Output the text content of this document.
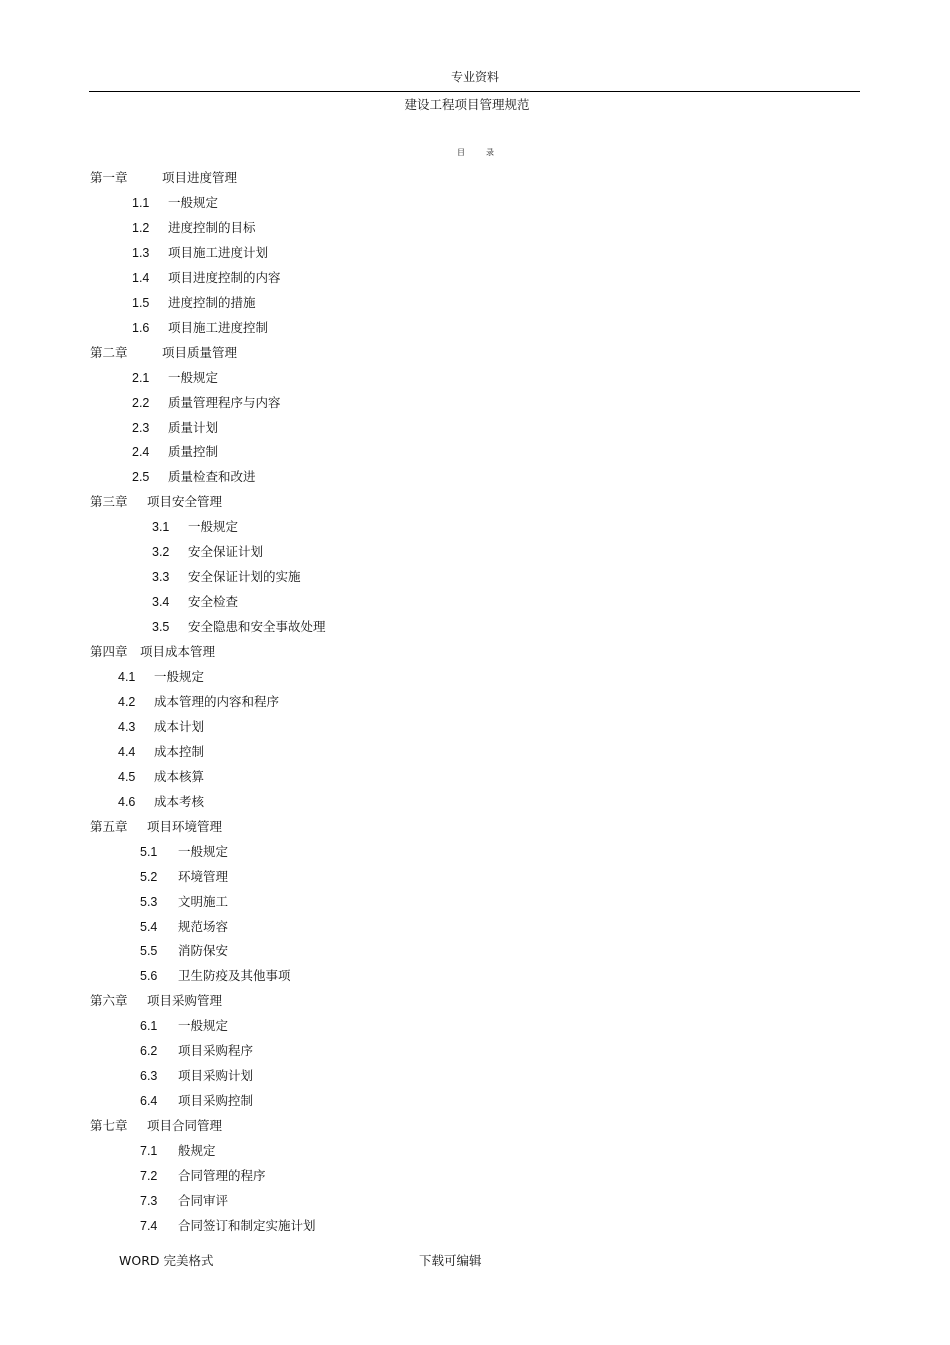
专业资料
建设工程项目管理规范
目	录
第一章	项目进度管理
1.1 一般规定
1.2 进度控制的目标
1.3 项目施工进度计划
1.4 项目进度控制的内容
1.5 进度控制的措施
1.6 项目施工进度控制
第二章	项目质量管理
2.1 一般规定
2.2 质量管理程序与内容
2.3 质量计划
2.4 质量控制
2.5 质量检查和改进
第三章 项目安全管理
3.1 一般规定
3.2 安全保证计划
3.3 安全保证计划的实施
3.4 安全检查
3.5 安全隐患和安全事故处理
第四章 项目成本管理
4.1 一般规定
4.2 成本管理的内容和程序
4.3 成本计划
4.4 成本控制
4.5 成本核算
4.6 成本考核
第五章 项目环境管理
5.1 一般规定
5.2 环境管理
5.3 文明施工
5.4 规范场容
5.5 消防保安
5.6 卫生防疫及其他事项
第六章 项目采购管理
6.1 一般规定
6.2 项目采购程序
6.3 项目采购计划
6.4 项目采购控制
第七章 项目合同管理
7.1 般规定
7.2 合同管理的程序
7.3 合同审评
7.4 合同签订和制定实施计划
WORD 完美格式	下载可编辑
